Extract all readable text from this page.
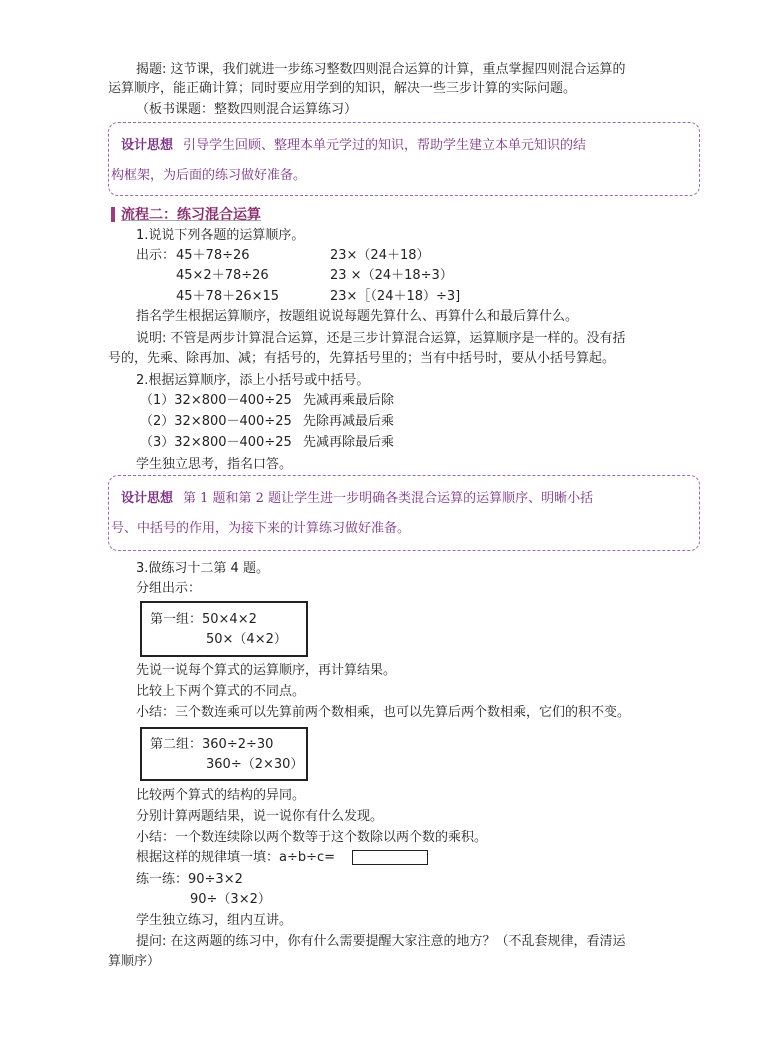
揭题: 这节课，我们就进一步练习整数四则混合运算的计算，重点掌握四则混合运算的
运算顺序，能正确计算；同时要应用学到的知识，解决一些三步计算的实际问题。
（板书课题：整数四则混合运算练习）
设计思想 引导学生回顾、整理本单元学过的知识，帮助学生建立本单元知识的结
构框架，为后面的练习做好准备。
流程二：练习混合运算
1.说说下列各题的运算顺序。
出示： 45＋78÷26
45×2＋78÷26
45＋78＋26×15
23×（24＋18）
23 ×（24＋18÷3）
23×［（24＋18）÷3]
指名学生根据运算顺序，按题组说说每题先算什么、再算什么和最后算什么。
说明: 不管是两步计算混合运算，还是三步计算混合运算，运算顺序是一样的。没有括
号的，先乘、除再加、减；有括号的，先算括号里的；当有中括号时，要从小括号算起。
2.根据运算顺序，添上小括号或中括号。
（1）32×800－400÷25 先减再乘最后除
（2）32×800－400÷25 先除再减最后乘
（3）32×800－400÷25 先减再除最后乘
学生独立思考，指名口答。
设计思想 第 1 题和第 2 题让学生进一步明确各类混合运算的运算顺序、明晰小括
号、中括号的作用，为接下来的计算练习做好准备。
3.做练习十二第 4 题。
分组出示：
第一组：50×4×2
50×（4×2）
先说一说每个算式的运算顺序，再计算结果。
比较上下两个算式的不同点。
小结：三个数连乘可以先算前两个数相乘，也可以先算后两个数相乘，它们的积不变。
第二组：360÷2÷30
360÷（2×30）
比较两个算式的结构的异同。
分别计算两题结果，说一说你有什么发现。
小结：一个数连续除以两个数等于这个数除以两个数的乘积。
根据这样的规律填一填：a÷b÷c=
练一练：90÷3×2
90÷（3×2）
学生独立练习，组内互讲。
提问: 在这两题的练习中，你有什么需要提醒大家注意的地方？（不乱套规律，看清运
算顺序）
